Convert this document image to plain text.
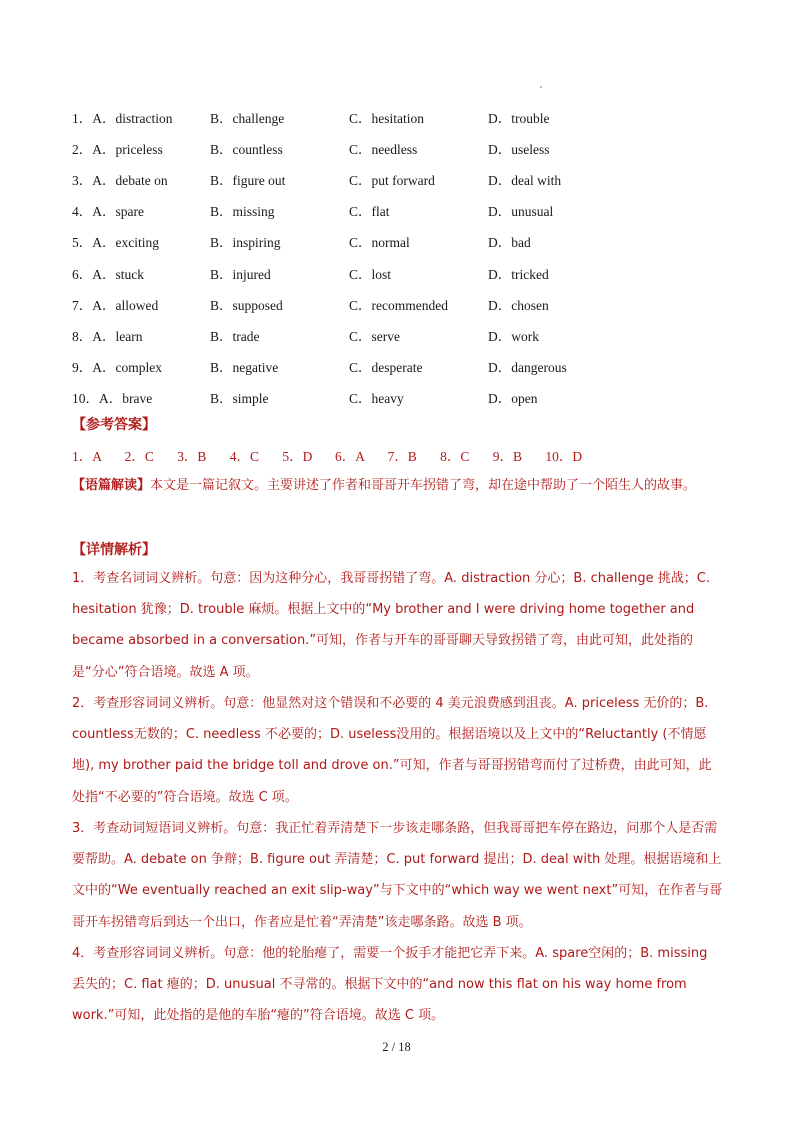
1．A．distraction	B．challenge	C．hesitation	D．trouble
2．A．priceless	B．countless	C．needless	D．useless
3．A．debate on	B．figure out	C．put forward	D．deal with
4．A．spare	B．missing	C．flat	D．unusual
5．A．exciting	B．inspiring	C．normal	D．bad
6．A．stuck	B．injured	C．lost	D．tricked
7．A．allowed	B．supposed	C．recommended	D．chosen
8．A．learn	B．trade	C．serve	D．work
9．A．complex	B．negative	C．desperate	D．dangerous
10．A．brave	B．simple	C．heavy	D．open
【参考答案】
1．A	2．C	3．B	4．C	5．D	6．A	7．B	8．C	9．B	10．D
【语篇解读】本文是一篇记叙文。主要讲述了作者和哥哥开车拐错了弯，却在途中帮助了一个陌生人的故事。
【详情解析】
1．考查名词词义辨析。句意：因为这种分心，我哥哥拐错了弯。A. distraction 分心；B. challenge 挑战；C. hesitation 犹豫；D. trouble 麻烦。根据上文中的“My brother and I were driving home together and became absorbed in a conversation.”可知，作者与开车的哥哥聊天导致拐错了弯，由此可知，此处指的是“分心”符合语境。故选 A 项。
2．考查形容词词义辨析。句意：他显然对这个错误和不必要的 4 美元浪费感到沮丧。A. priceless 无价的；B. countless无数的；C. needless 不必要的；D. useless没用的。根据语境以及上文中的“Reluctantly (不情愿地), my brother paid the bridge toll and drove on.”可知，作者与哥哥拐错弯而付了过桥费，由此可知，此处指“不必要的”符合语境。故选 C 项。
3．考查动词短语词义辨析。句意：我正忙着弄清楚下一步该走哪条路，但我哥哥把车停在路边，问那个人是否需要帮助。A. debate on 争辩；B. figure out 弄清楚；C. put forward 提出；D. deal with 处理。根据语境和上文中的“We eventually reached an exit slip-way”与下文中的“which way we went next”可知，在作者与哥哥开车拐错弯后到达一个出口，作者应是忙着“弄清楚”该走哪条路。故选 B 项。
4．考查形容词词义辨析。句意：他的轮胎瘪了，需要一个扳手才能把它弄下来。A. spare空闲的；B. missing 丢失的；C. flat 瘪的；D. unusual 不寻常的。根据下文中的“and now this flat on his way home from work.”可知，此处指的是他的车胎“瘪的”符合语境。故选 C 项。
2 / 18
